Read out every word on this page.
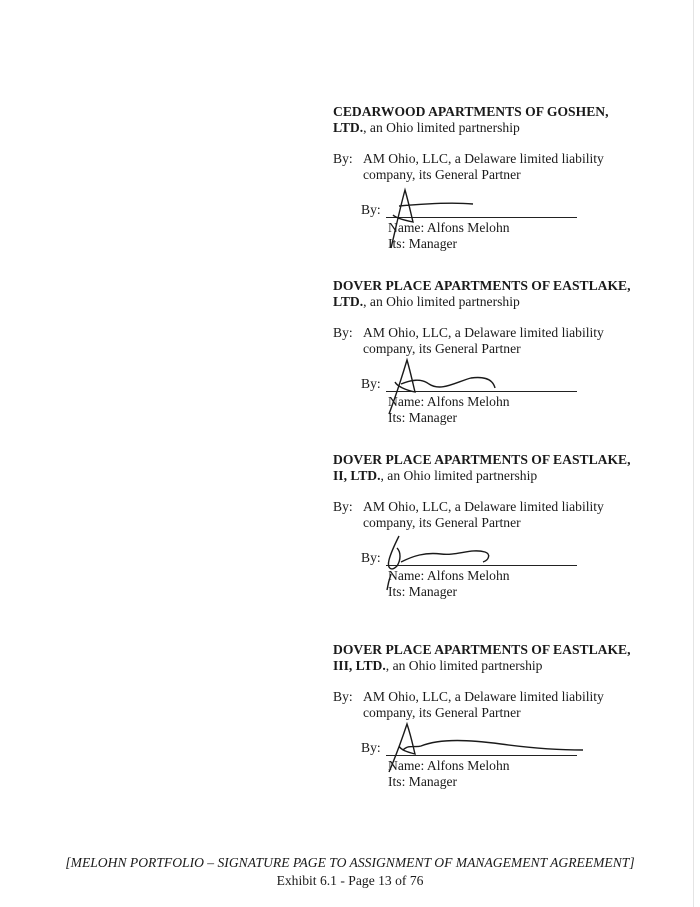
CEDARWOOD APARTMENTS OF GOSHEN, LTD., an Ohio limited partnership
By: AM Ohio, LLC, a Delaware limited liability company, its General Partner
By:
Name: Alfons Melohn
Its: Manager
DOVER PLACE APARTMENTS OF EASTLAKE, LTD., an Ohio limited partnership
By: AM Ohio, LLC, a Delaware limited liability company, its General Partner
By:
Name: Alfons Melohn
Its: Manager
DOVER PLACE APARTMENTS OF EASTLAKE, II, LTD., an Ohio limited partnership
By: AM Ohio, LLC, a Delaware limited liability company, its General Partner
By:
Name: Alfons Melohn
Its: Manager
DOVER PLACE APARTMENTS OF EASTLAKE, III, LTD., an Ohio limited partnership
By: AM Ohio, LLC, a Delaware limited liability company, its General Partner
By:
Name: Alfons Melohn
Its: Manager
[MELOHN PORTFOLIO – SIGNATURE PAGE TO ASSIGNMENT OF MANAGEMENT AGREEMENT]
Exhibit 6.1 - Page 13 of 76
